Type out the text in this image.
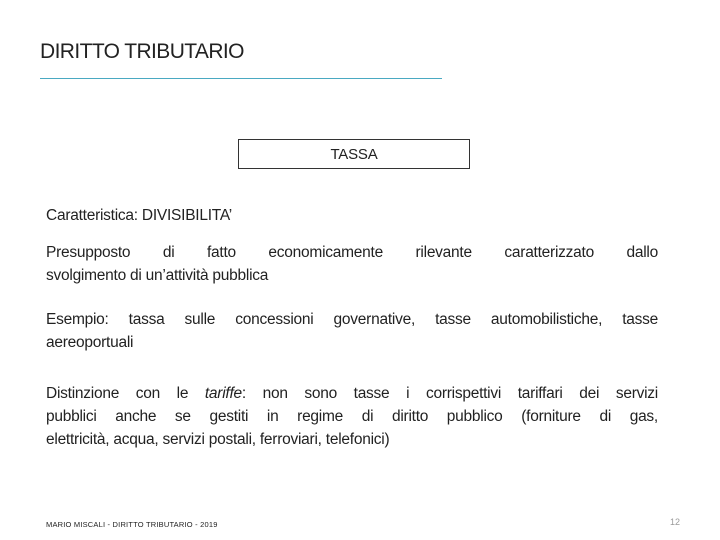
DIRITTO TRIBUTARIO
TASSA
Caratteristica: DIVISIBILITA’
Presupposto di fatto economicamente rilevante caratterizzato dallo
svolgimento di un’attività pubblica
Esempio: tassa sulle concessioni governative, tasse automobilistiche, tasse
aereoportuali
Distinzione con le tariffe: non sono tasse i corrispettivi tariffari dei servizi
pubblici anche se gestiti in regime di diritto pubblico (forniture di gas,
elettricità, acqua, servizi postali, ferroviari, telefonici)
MARIO MISCALI - DIRITTO TRIBUTARIO - 2019	12
